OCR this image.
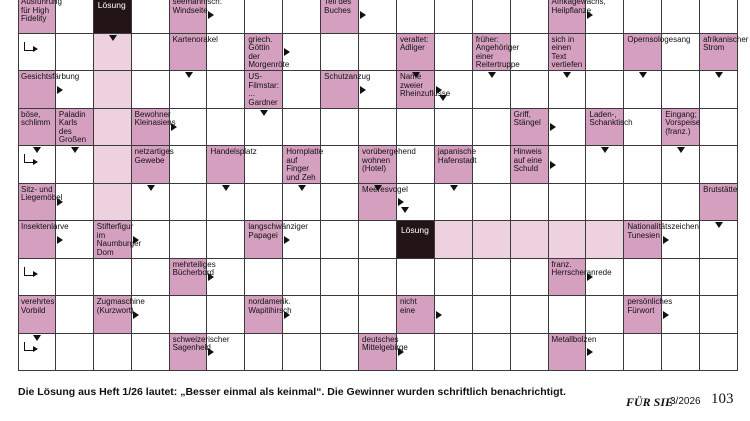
Ausführung für High Fidelity
Lösung	seemännisch: Windseite
Teil des Buches
Afrikagewächs, Heilpflanze
Kartenorakel	griech. Göttin der Morgenröte
veraltet: Adliger
früher: Angehöriger einer Reitertruppe
sich in einen Text vertiefen
Opernsologesang	afrikanischer Strom
Gesichtsfärbung	US-Filmstar: ... Gardner
Schutzanzug	Name zweier Rheinzuflüsse
böse, schlimm
Paladin Karls des Großen
Bewohner Kleinasiens
Griff, Stängel
Laden-, Schanktisch
Eingang; Vorspeise (franz.)
netzartiges Gewebe
Handelsplatz	Hornplatte auf Finger und Zeh
vorübergehend wohnen (Hotel)
japanische Hafenstadt
Hinweis auf eine Schuld
Sitz- und Liegemöbel
Meeresvogel	Brutstätte
Insektenlarve	Stifterfigur im Naumburger Dom
langschwänziger Papagei
Lösung	Nationalitätszeichen Tunesien
mehrteiliges Bücherbord
franz. Herrscheranrede
verehrtes Vorbild
Zugmaschine (Kurzwort)
nordamerik. Wapitihirsch
nicht eine
persönliches Fürwort
schweizerischer Sagenheld
deutsches Mittelgebirge
Metallbolzen
Die Lösung aus Heft 1/26 lautet: „Besser einmal als keinmal“. Die Gewinner wurden schriftlich benachrichtigt.
FÜR SIE
3/2026 103
